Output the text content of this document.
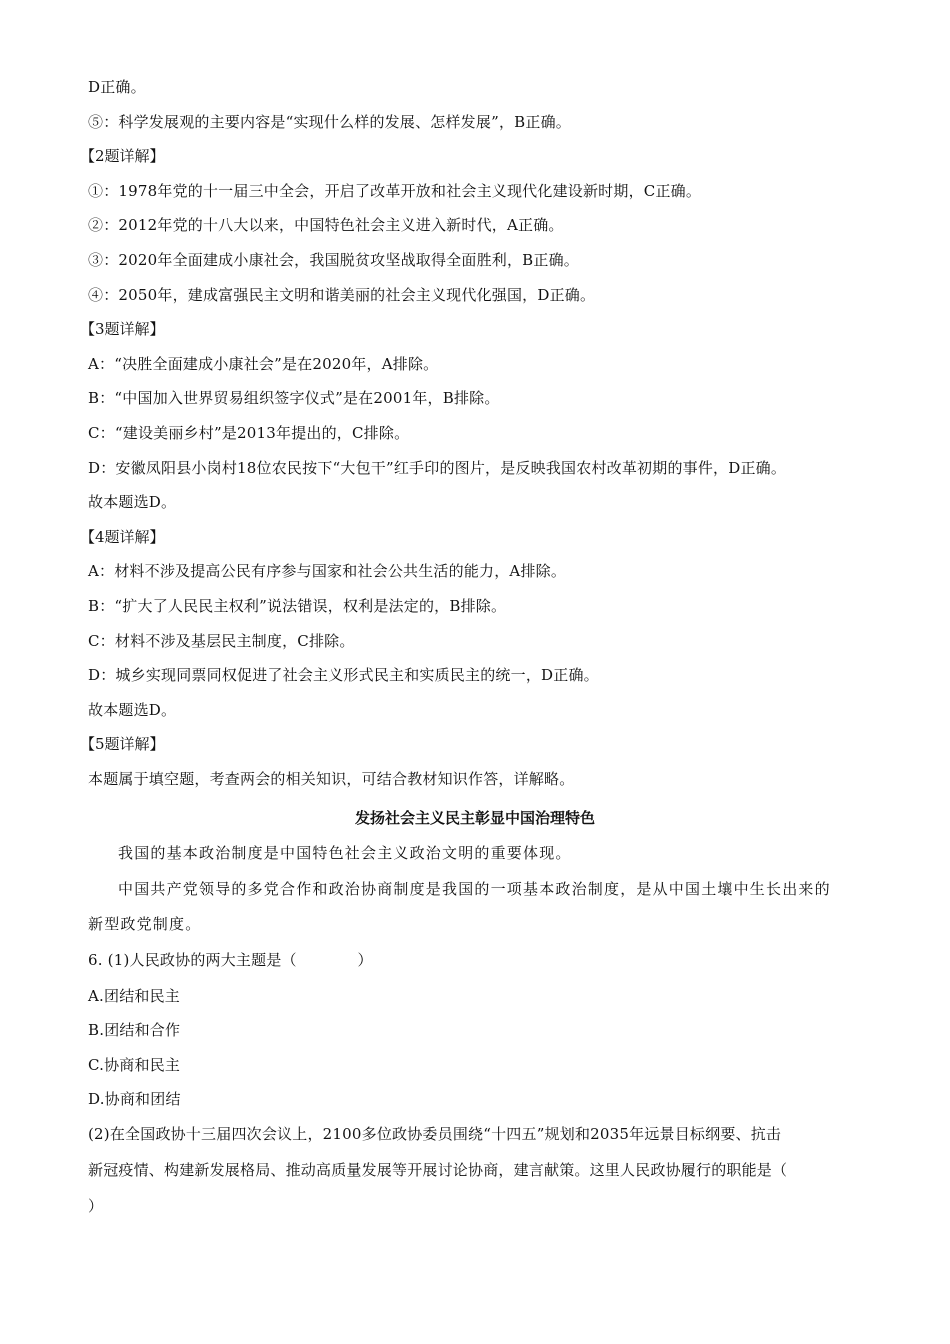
D正确。
⑤：科学发展观的主要内容是“实现什么样的发展、怎样发展”，B正确。
【2题详解】
①：1978年党的十一届三中全会，开启了改革开放和社会主义现代化建设新时期，C正确。
②：2012年党的十八大以来，中国特色社会主义进入新时代，A正确。
③：2020年全面建成小康社会，我国脱贫攻坚战取得全面胜利，B正确。
④：2050年，建成富强民主文明和谐美丽的社会主义现代化强国，D正确。
【3题详解】
A：“决胜全面建成小康社会”是在2020年，A排除。
B：“中国加入世界贸易组织签字仪式”是在2001年，B排除。
C：“建设美丽乡村”是2013年提出的，C排除。
D：安徽凤阳县小岗村18位农民按下“大包干”红手印的图片，是反映我国农村改革初期的事件，D正确。
故本题选D。
【4题详解】
A：材料不涉及提高公民有序参与国家和社会公共生活的能力，A排除。
B：“扩大了人民民主权利”说法错误，权利是法定的，B排除。
C：材料不涉及基层民主制度，C排除。
D：城乡实现同票同权促进了社会主义形式民主和实质民主的统一，D正确。
故本题选D。
【5题详解】
本题属于填空题，考查两会的相关知识，可结合教材知识作答，详解略。
发扬社会主义民主彰显中国治理特色
我国的基本政治制度是中国特色社会主义政治文明的重要体现。
中国共产党领导的多党合作和政治协商制度是我国的一项基本政治制度，是从中国土壤中生长出来的
新型政党制度。
6. (1)人民政协的两大主题是（　　　　）
A.团结和民主
B.团结和合作
C.协商和民主
D.协商和团结
(2)在全国政协十三届四次会议上，2100多位政协委员围绕“十四五”规划和2035年远景目标纲要、抗击
新冠疫情、构建新发展格局、推动高质量发展等开展讨论协商，建言献策。这里人民政协履行的职能是（
）
